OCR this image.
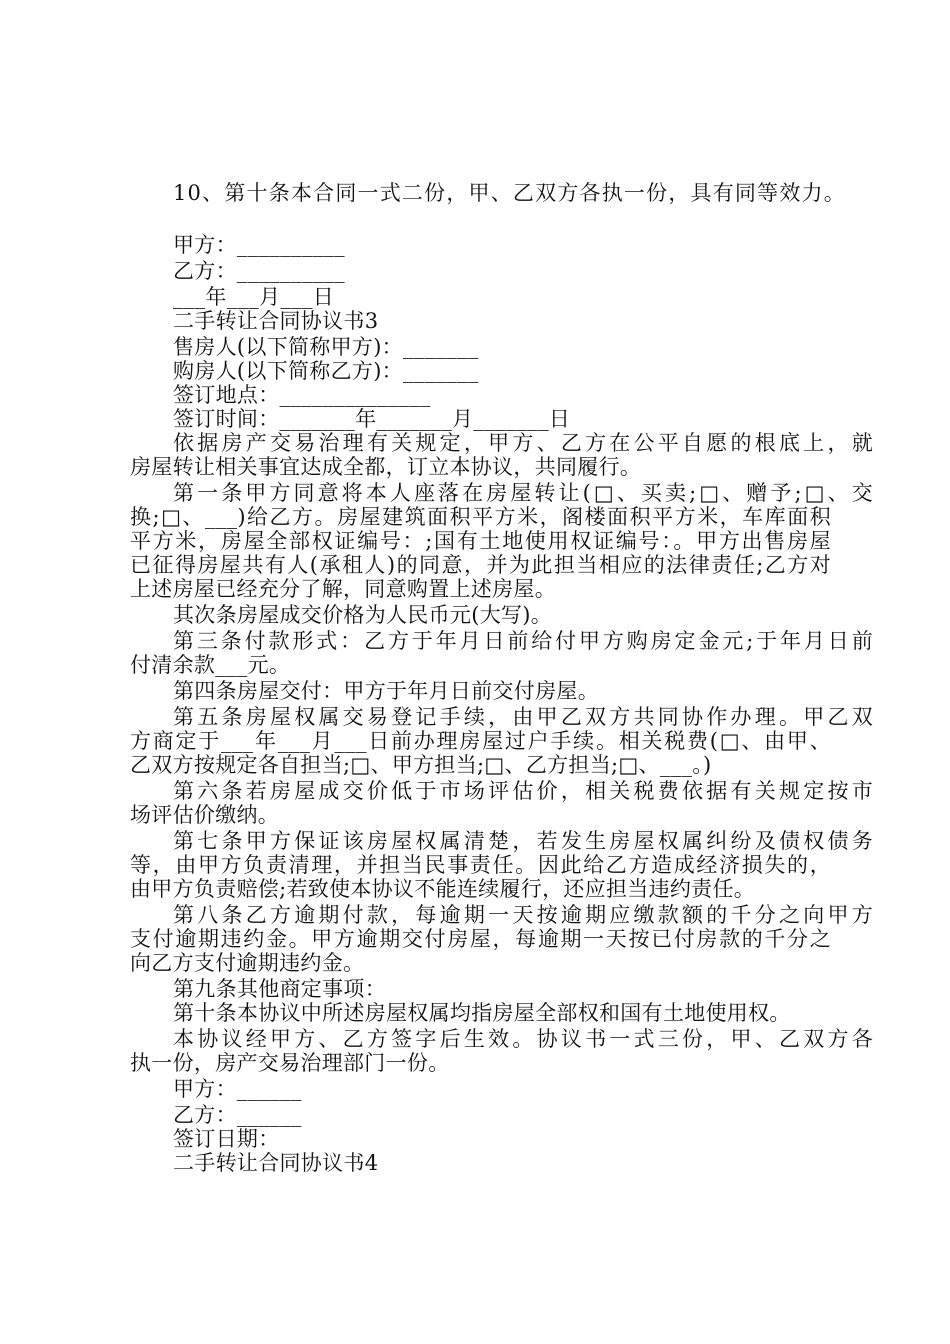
10、第十条本合同一式二份，甲、乙双方各执一份，具有同等效力。
甲方：__________
乙方：__________
___年___月___日
二手转让合同协议书3
售房人(以下简称甲方)：_______
购房人(以下简称乙方)：_______
签订地点：______________
签订时间：_______年_______月_______日
依据房产交易治理有关规定，甲方、乙方在公平自愿的根底上，就
房屋转让相关事宜达成全都，订立本协议，共同履行。
第一条甲方同意将本人座落在房屋转让(□、买卖;□、赠予;□、交
换;□、___)给乙方。房屋建筑面积平方米，阁楼面积平方米，车库面积
平方米，房屋全部权证编号：;国有土地使用权证编号：。甲方出售房屋
已征得房屋共有人(承租人)的同意，并为此担当相应的法律责任;乙方对
上述房屋已经充分了解，同意购置上述房屋。
其次条房屋成交价格为人民币元(大写)。
第三条付款形式：乙方于年月日前给付甲方购房定金元;于年月日前
付清余款___元。
第四条房屋交付：甲方于年月日前交付房屋。
第五条房屋权属交易登记手续，由甲乙双方共同协作办理。甲乙双
方商定于___年___月___日前办理房屋过户手续。相关税费(□、由甲、
乙双方按规定各自担当;□、甲方担当;□、乙方担当;□、___。)
第六条若房屋成交价低于市场评估价，相关税费依据有关规定按市
场评估价缴纳。
第七条甲方保证该房屋权属清楚，若发生房屋权属纠纷及债权债务
等，由甲方负责清理，并担当民事责任。因此给乙方造成经济损失的，
由甲方负责赔偿;若致使本协议不能连续履行，还应担当违约责任。
第八条乙方逾期付款，每逾期一天按逾期应缴款额的千分之向甲方
支付逾期违约金。甲方逾期交付房屋，每逾期一天按已付房款的千分之
向乙方支付逾期违约金。
第九条其他商定事项：
第十条本协议中所述房屋权属均指房屋全部权和国有土地使用权。
本协议经甲方、乙方签字后生效。协议书一式三份，甲、乙双方各
执一份，房产交易治理部门一份。
甲方：______
乙方：______
签订日期：
二手转让合同协议书4
